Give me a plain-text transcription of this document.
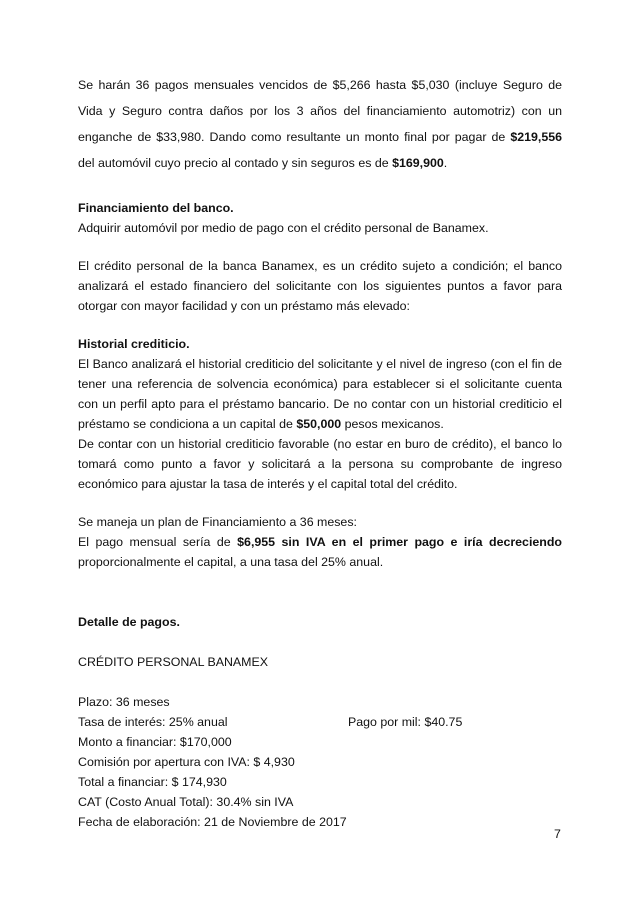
Se harán 36 pagos mensuales vencidos de $5,266 hasta $5,030 (incluye Seguro de Vida y Seguro contra daños por los 3 años del financiamiento automotriz) con un enganche de $33,980. Dando como resultante un monto final por pagar de $219,556 del automóvil cuyo precio al contado y sin seguros es de $169,900.

Financiamiento del banco.

Adquirir automóvil por medio de pago con el crédito personal de Banamex.

El crédito personal de la banca Banamex, es un crédito sujeto a condición; el banco analizará el estado financiero del solicitante con los siguientes puntos a favor para otorgar con mayor facilidad y con un préstamo más elevado:

Historial crediticio.

El Banco analizará el historial crediticio del solicitante y el nivel de ingreso (con el fin de tener una referencia de solvencia económica) para establecer si el solicitante cuenta con un perfil apto para el préstamo bancario. De no contar con un historial crediticio el préstamo se condiciona a un capital de $50,000 pesos mexicanos.

De contar con un historial crediticio favorable (no estar en buro de crédito), el banco lo tomará como punto a favor y solicitará a la persona su comprobante de ingreso económico para ajustar la tasa de interés y el capital total del crédito.

Se maneja un plan de Financiamiento a 36 meses:

El pago mensual sería de $6,955 sin IVA en el primer pago e iría decreciendo proporcionalmente el capital, a una tasa del 25% anual.

Detalle de pagos.

CRÉDITO PERSONAL BANAMEX
Plazo: 36 meses
Tasa de interés: 25% anual	Pago por mil: $40.75
Monto a financiar: $170,000
Comisión por apertura con IVA: $ 4,930
Total a financiar: $ 174,930
CAT (Costo Anual Total): 30.4% sin IVA
Fecha de elaboración: 21 de Noviembre de 2017
7
